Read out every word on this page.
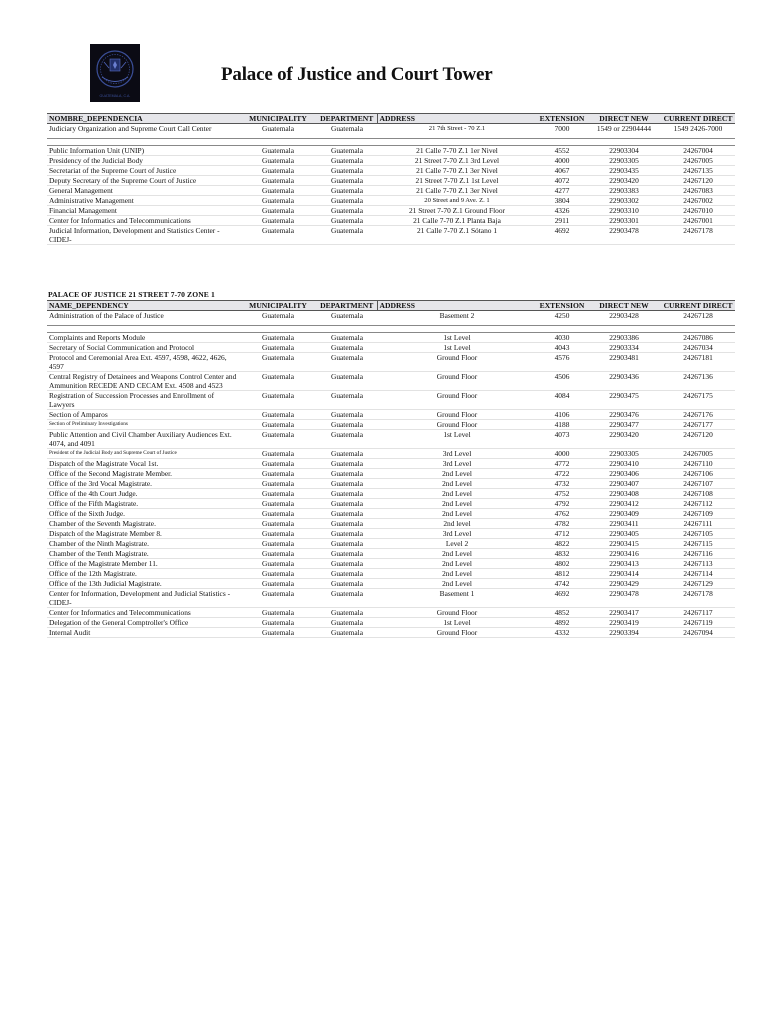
GUATEMALA, C.A.
Palace of Justice and Court Tower
NOMBRE_DEPENDENCIA	MUNICIPALITY	DEPARTMENT	ADDRESS	EXTENSION	DIRECT NEW	CURRENT DIRECT
Judiciary Organization and Supreme Court Call Center	Guatemala	Guatemala	21 7th Street - 70 Z.1	7000	1549 or 22904444	1549 2426-7000

Public Information Unit (UNIP)	Guatemala	Guatemala	21 Calle 7-70 Z.1 1er Nivel	4552	22903304	24267004
Presidency of the Judicial Body	Guatemala	Guatemala	21 Street 7-70 Z.1 3rd Level	4000	22903305	24267005
Secretariat of the Supreme Court of Justice	Guatemala	Guatemala	21 Calle 7-70 Z.1 3er Nivel	4067	22903435	24267135
Deputy Secretary of the Supreme Court of Justice	Guatemala	Guatemala	21 Street 7-70 Z.1 1st Level	4072	22903420	24267120
General Management	Guatemala	Guatemala	21 Calle 7-70 Z.1 3er Nivel	4277	22903383	24267083
Administrative Management	Guatemala	Guatemala	20 Street and 9 Ave. Z. 1	3804	22903302	24267002
Financial Management	Guatemala	Guatemala	21 Street 7-70 Z.1 Ground Floor	4326	22903310	24267010
Center for Informatics and Telecommunications	Guatemala	Guatemala	21 Calle 7-70 Z.1 Planta Baja	2911	22903301	24267001
Judicial Information, Development and Statistics Center - CIDEJ-	Guatemala	Guatemala	21 Calle 7-70 Z.1 Sótano 1	4692	22903478	24267178
PALACE OF JUSTICE 21 STREET 7-70 ZONE 1
NAME_DEPENDENCY	MUNICIPALITY	DEPARTMENT	ADDRESS	EXTENSION	DIRECT NEW	CURRENT DIRECT
Administration of the Palace of Justice	Guatemala	Guatemala	Basement 2	4250	22903428	24267128

Complaints and Reports Module	Guatemala	Guatemala	1st Level	4030	22903386	24267086
Secretary of Social Communication and Protocol	Guatemala	Guatemala	1st Level	4043	22903334	24267034
Protocol and Ceremonial Area Ext. 4597, 4598, 4622, 4626, 4597	Guatemala	Guatemala	Ground Floor	4576	22903481	24267181
Central Registry of Detainees and Weapons Control Center and Ammunition RECEDE AND CECAM Ext. 4508 and 4523	Guatemala	Guatemala	Ground Floor	4506	22903436	24267136
Registration of Succession Processes and Enrollment of Lawyers	Guatemala	Guatemala	Ground Floor	4084	22903475	24267175
Section of Amparos	Guatemala	Guatemala	Ground Floor	4106	22903476	24267176
Section of Preliminary Investigations	Guatemala	Guatemala	Ground Floor	4188	22903477	24267177
Public Attention and Civil Chamber Auxiliary Audiences Ext. 4074, and 4091	Guatemala	Guatemala	1st Level	4073	22903420	24267120
President of the Judicial Body and Supreme Court of Justice	Guatemala	Guatemala	3rd Level	4000	22903305	24267005
Dispatch of the Magistrate Vocal 1st.	Guatemala	Guatemala	3rd Level	4772	22903410	24267110
Office of the Second Magistrate Member.	Guatemala	Guatemala	2nd Level	4722	22903406	24267106
Office of the 3rd Vocal Magistrate.	Guatemala	Guatemala	2nd Level	4732	22903407	24267107
Office of the 4th Court Judge.	Guatemala	Guatemala	2nd Level	4752	22903408	24267108
Office of the Fifth Magistrate.	Guatemala	Guatemala	2nd Level	4792	22903412	24267112
Office of the Sixth Judge.	Guatemala	Guatemala	2nd Level	4762	22903409	24267109
Chamber of the Seventh Magistrate.	Guatemala	Guatemala	2nd level	4782	22903411	24267111
Dispatch of the Magistrate Member 8.	Guatemala	Guatemala	3rd Level	4712	22903405	24267105
Chamber of the Ninth Magistrate.	Guatemala	Guatemala	Level 2	4822	22903415	24267115
Chamber of the Tenth Magistrate.	Guatemala	Guatemala	2nd Level	4832	22903416	24267116
Office of the Magistrate Member 11.	Guatemala	Guatemala	2nd Level	4802	22903413	24267113
Office of the 12th Magistrate.	Guatemala	Guatemala	2nd Level	4812	22903414	24267114
Office of the 13th Judicial Magistrate.	Guatemala	Guatemala	2nd Level	4742	22903429	24267129
Center for Information, Development and Judicial Statistics - CIDEJ-	Guatemala	Guatemala	Basement 1	4692	22903478	24267178
Center for Informatics and Telecommunications	Guatemala	Guatemala	Ground Floor	4852	22903417	24267117
Delegation of the General Comptroller's Office	Guatemala	Guatemala	1st Level	4892	22903419	24267119
Internal Audit	Guatemala	Guatemala	Ground Floor	4332	22903394	24267094
